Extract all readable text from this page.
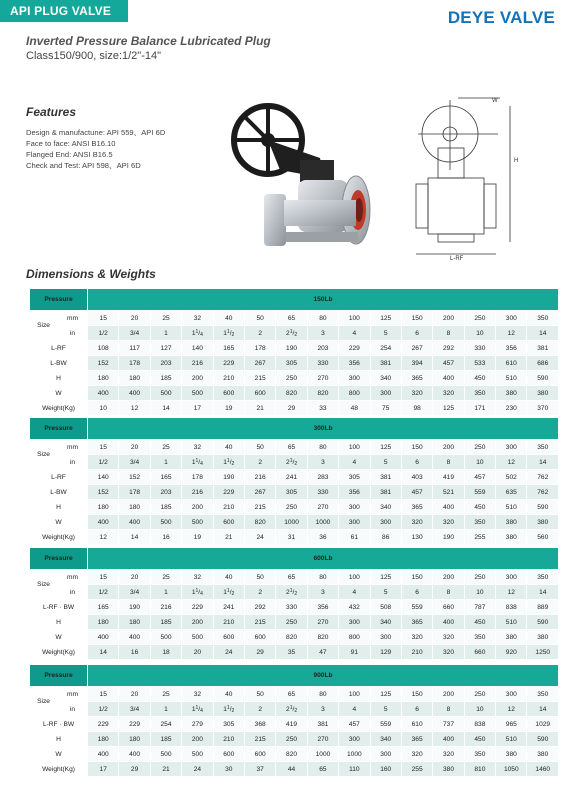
API PLUG VALVE	DEYE VALVE
Inverted Pressure Balance Lubricated Plug
Class150/900, size:1/2"-14"
Features
Design & manufactune: API 559、API 6D
Face to face: ANSI B16.10
Flanged End: ANSI B16.5
Check and Test: API 598、API 6D
W
H
L-RF
Dimensions & Weights
Pressure		150Lb														
Size	mm	15	20	25	32	40	50	65	80	100	125	150	200	250	300	350
	in	1/2	3/4	1	$1^1/_4$	$1^1/_2$	2	$2^1/_2$	3	4	5	6	8	10	12	14
L-RF		108	117	127	140	165	178	190	203	229	254	267	292	330	356	381
L-BW		152	178	203	216	229	267	305	330	356	381	394	457	533	610	686
H		180	180	185	200	210	215	250	270	300	340	365	400	450	510	590
W		400	400	500	500	600	600	820	820	800	300	320	320	350	380	380
Weight(Kg)		10	12	14	17	19	21	29	33	48	75	98	125	171	230	370
Pressure		300Lb														
Size	mm	15	20	25	32	40	50	65	80	100	125	150	200	250	300	350
	in	1/2	3/4	1	$1^1/_4$	$1^1/_2$	2	$2^1/_2$	3	4	5	6	8	10	12	14
L-RF		140	152	165	178	190	216	241	283	305	381	403	419	457	502	762
L-BW		152	178	203	216	229	267	305	330	356	381	457	521	559	635	762
H		180	180	185	200	210	215	250	270	300	340	365	400	450	510	590
W		400	400	500	500	600	820	1000	1000	300	300	320	320	350	380	380
Weight(Kg)		12	14	16	19	21	24	31	36	61	86	130	190	255	380	560
Pressure		600Lb														
Size	mm	15	20	25	32	40	50	65	80	100	125	150	200	250	300	350
	in	1/2	3/4	1	$1^1/_4$	$1^1/_2$	2	$2^1/_2$	3	4	5	6	8	10	12	14
L-RF · BW		165	190	216	229	241	292	330	356	432	508	559	660	787	838	889
H		180	180	185	200	210	215	250	270	300	340	365	400	450	510	590
W		400	400	500	500	600	600	820	820	800	300	320	320	350	380	380
Weight(Kg)		14	16	18	20	24	29	35	47	91	129	210	320	660	920	1250
Pressure		900Lb														
Size	mm	15	20	25	32	40	50	65	80	100	125	150	200	250	300	350
	in	1/2	3/4	1	$1^1/_4$	$1^1/_2$	2	$2^1/_2$	3	4	5	6	8	10	12	14
L-RF · BW		229	229	254	279	305	368	419	381	457	559	610	737	838	965	1029
H		180	180	185	200	210	215	250	270	300	340	365	400	450	510	590
W		400	400	500	500	600	600	820	1000	1000	300	320	320	350	380	380
Weight(Kg)		17	29	21	24	30	37	44	65	110	160	255	380	810	1050	1460
